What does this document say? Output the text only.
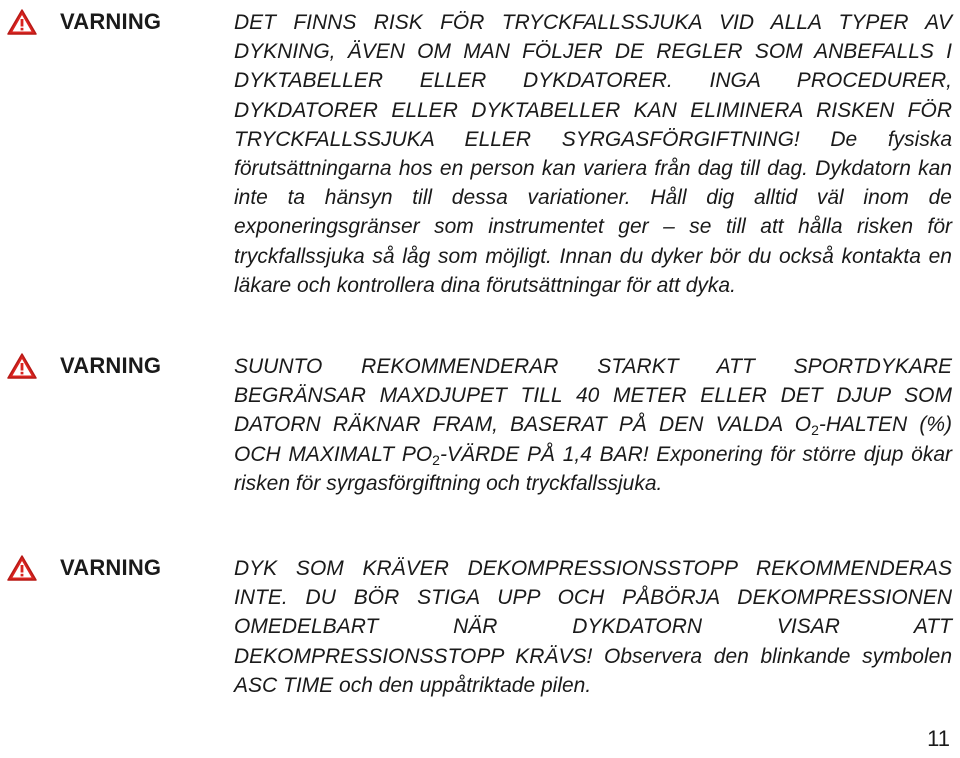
VARNING	DET FINNS RISK FÖR TRYCKFALLSSJUKA VID ALLA TYPER AV DYKNING, ÄVEN OM MAN FÖLJER DE REGLER SOM ANBEFALLS I DYKTABELLER ELLER DYKDATORER. INGA PROCEDURER, DYKDATORER ELLER DYKTABELLER KAN ELIMINERA RISKEN FÖR TRYCKFALLSSJUKA ELLER SYRGASFÖRGIFTNING! De fysiska förutsättningarna hos en person kan variera från dag till dag. Dykdatorn kan inte ta hänsyn till dessa variationer. Håll dig alltid väl inom de exponeringsgränser som instrumentet ger – se till att hålla risken för tryckfallssjuka så låg som möjligt. Innan du dyker bör du också kontakta en läkare och kontrollera dina förutsättningar för att dyka.

VARNING	SUUNTO REKOMMENDERAR STARKT ATT SPORTDYKARE BEGRÄNSAR MAXDJUPET TILL 40 METER ELLER DET DJUP SOM DATORN RÄKNAR FRAM, BASERAT PÅ DEN VALDA $O_2$-HALTEN (%) OCH MAXIMALT $PO_2$-VÄRDE PÅ 1,4 BAR! Exponering för större djup ökar risken för syrgasförgiftning och tryckfallssjuka.

VARNING	DYK SOM KRÄVER DEKOMPRESSIONSSTOPP REKOMMENDERAS INTE. DU BÖR STIGA UPP OCH PÅBÖRJA DEKOMPRESSIONEN OMEDELBART NÄR DYKDATORN VISAR ATT DEKOMPRESSIONSSTOPP KRÄVS! Observera den blinkande symbolen ASC TIME och den uppåtriktade pilen.

11
